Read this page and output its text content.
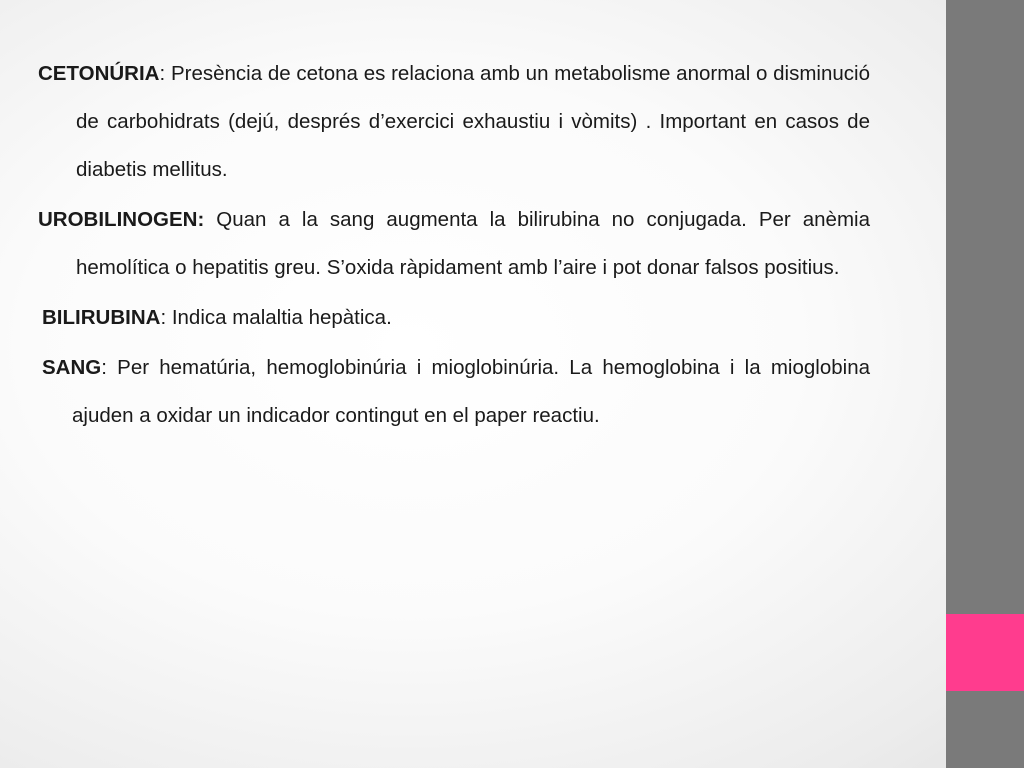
CETONÚRIA: Presència de cetona es relaciona amb un metabolisme anormal o disminució de carbohidrats (dejú, després d’exercici exhaustiu i vòmits) . Important en casos de diabetis mellitus.

UROBILINOGEN: Quan a la sang augmenta la bilirubina no conjugada. Per anèmia hemolítica o hepatitis greu. S’oxida ràpidament amb l’aire i pot donar falsos positius.

BILIRUBINA: Indica malaltia hepàtica.

SANG: Per hematúria, hemoglobinúria i mioglobinúria. La hemoglobina i la mioglobina ajuden a oxidar un indicador contingut en el paper reactiu.
